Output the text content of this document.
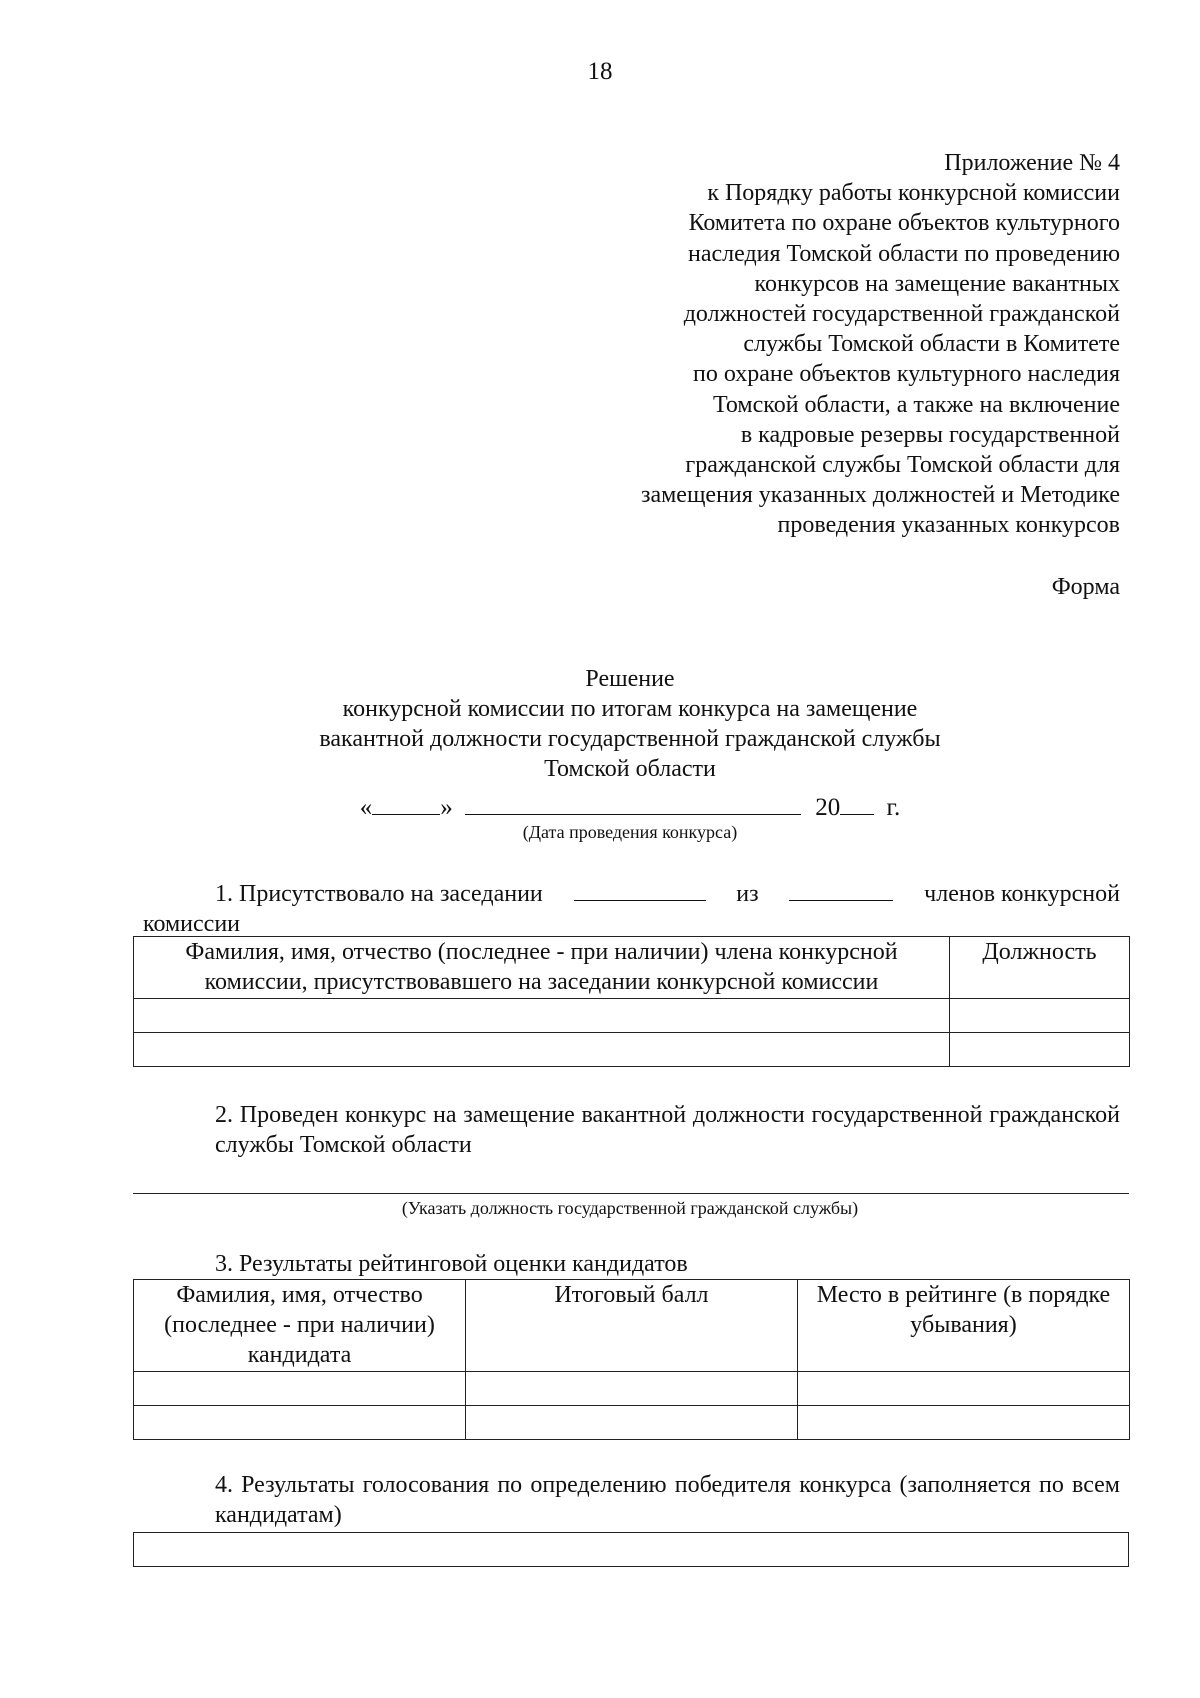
18
Приложение № 4
к Порядку работы конкурсной комиссии
Комитета по охране объектов культурного
наследия Томской области по проведению
конкурсов на замещение вакантных
должностей государственной гражданской
службы Томской области в Комитете
по охране объектов культурного наследия
Томской области, а также на включение
в кадровые резервы государственной
гражданской службы Томской области для
замещения указанных должностей и Методике
проведения указанных конкурсов
Форма
Решение
конкурсной комиссии по итогам конкурса на замещение
вакантной должности государственной гражданской службы
Томской области
«	»	20 г.
(Дата проведения конкурса)
1. Присутствовало на заседании	из	членов конкурсной
комиссии
Фамилия, имя, отчество (последнее - при наличии) члена конкурсной комиссии, присутствовавшего на заседании конкурсной комиссии	Должность

2. Проведен конкурс на замещение вакантной должности государственной гражданской службы Томской области
(Указать должность государственной гражданской службы)
3. Результаты рейтинговой оценки кандидатов
Фамилия, имя, отчество (последнее - при наличии) кандидата	Итоговый балл	Место в рейтинге (в порядке убывания)

4. Результаты голосования по определению победителя конкурса (заполняется по всем кандидатам)
